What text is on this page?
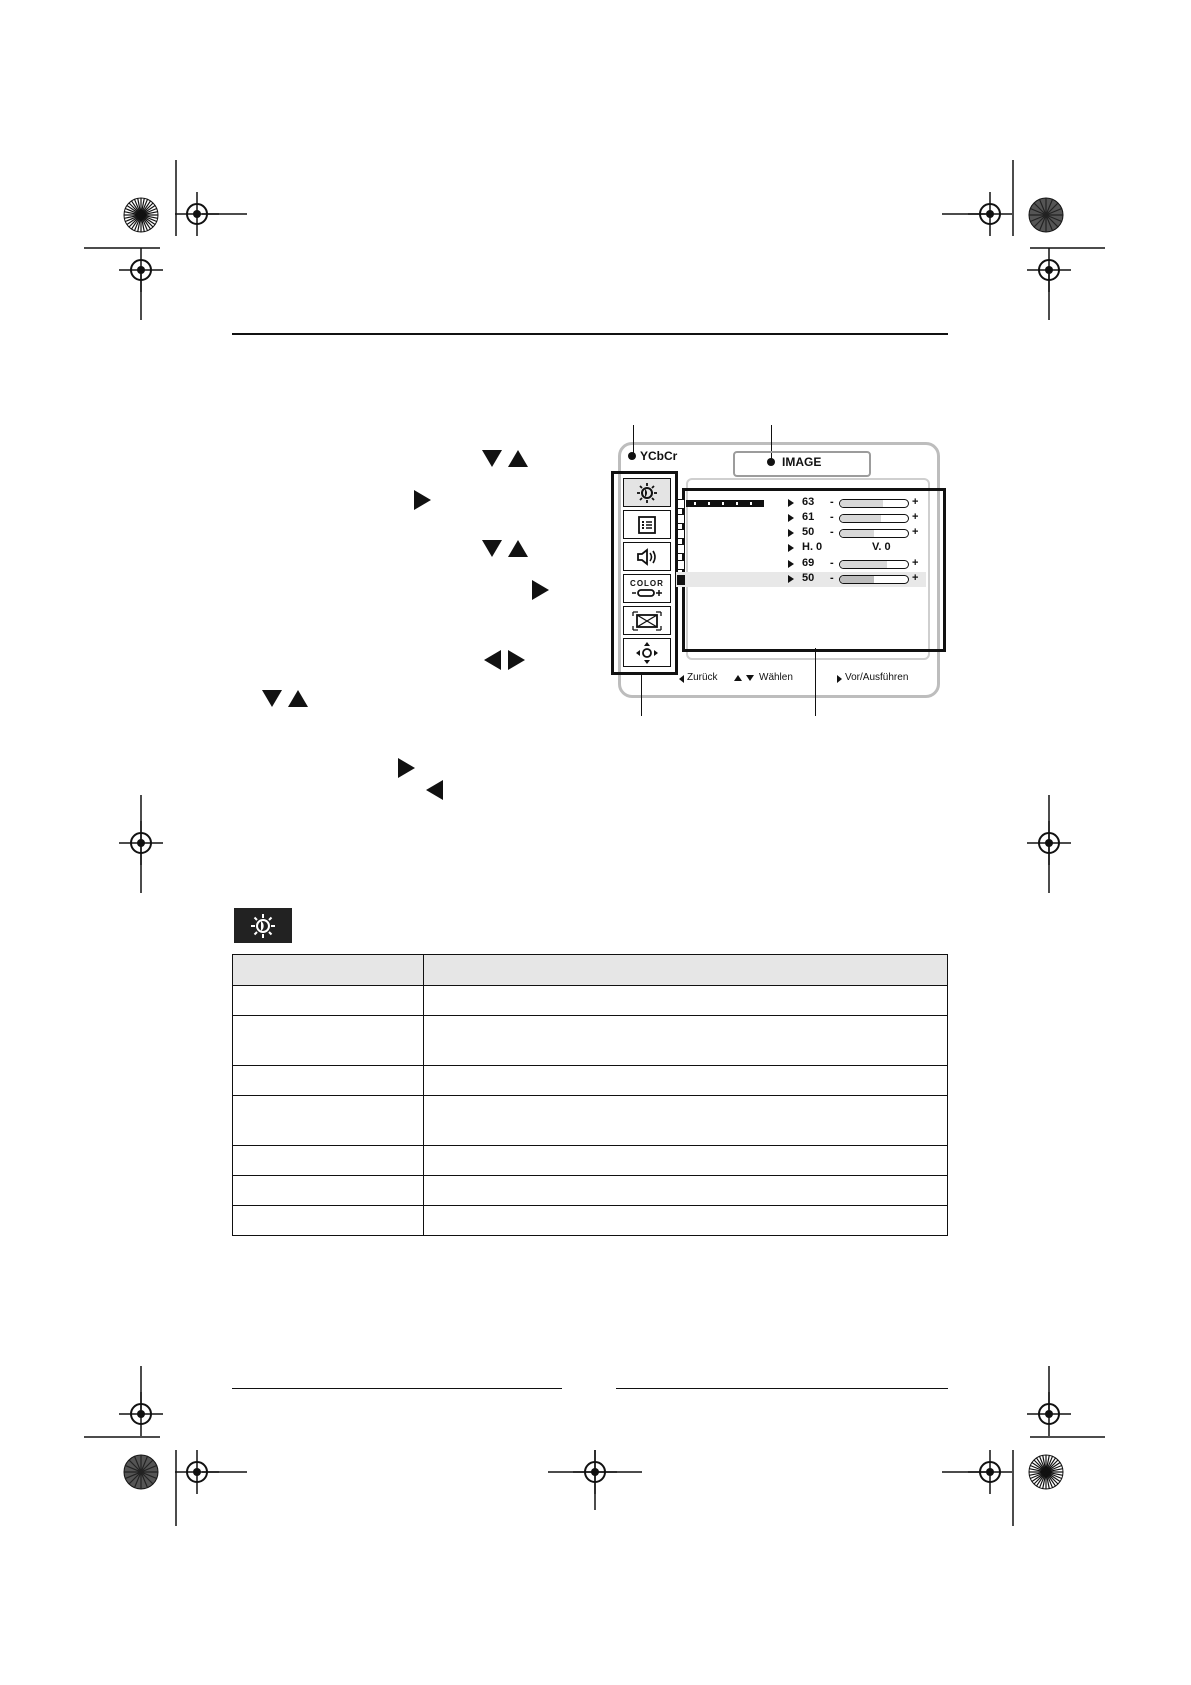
YCbCr	IMAGE
COLOR
63 -	+
61 -	+
50 -	+
H. 0	V. 0
69 -	+
50 -	+
Zurück	Wählen	Vor/Ausführen
